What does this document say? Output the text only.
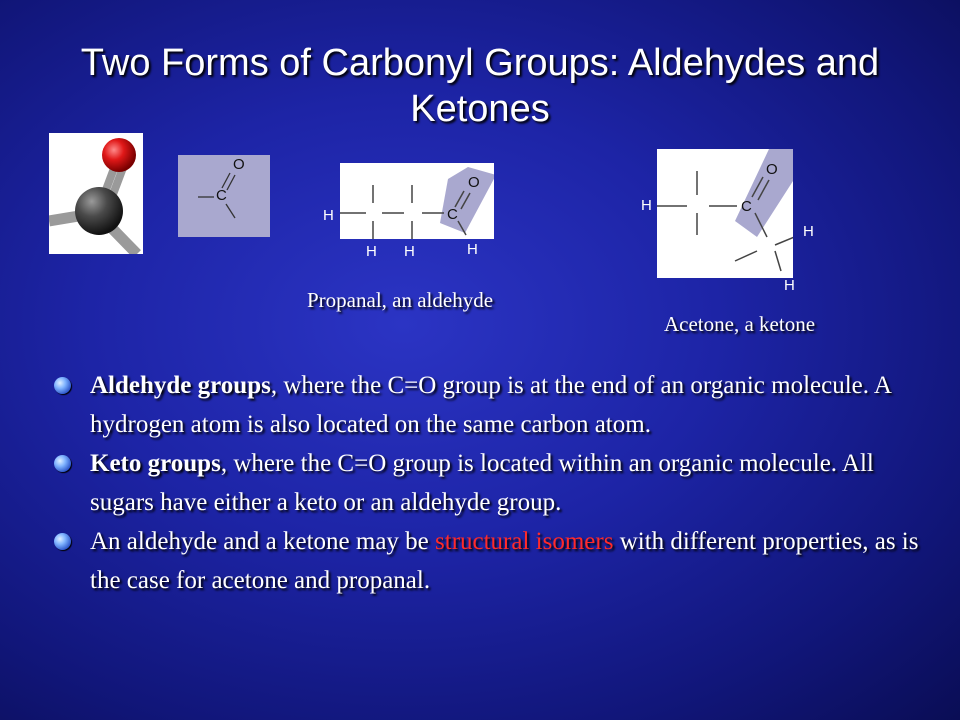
Two Forms of Carbonyl Groups: Aldehydes and Ketones
O
C
O
C
H
H H	H
Propanal, an aldehyde
O
C
H
H
H
Acetone, a ketone
Aldehyde groups, where the C=O group is at the end of an organic molecule. A hydrogen atom is also located on the same carbon atom.
Keto groups, where the C=O group is located within an organic molecule. All sugars have either a keto or an aldehyde group.
An aldehyde and a ketone may be structural isomers with different properties, as is the case for acetone and propanal.
